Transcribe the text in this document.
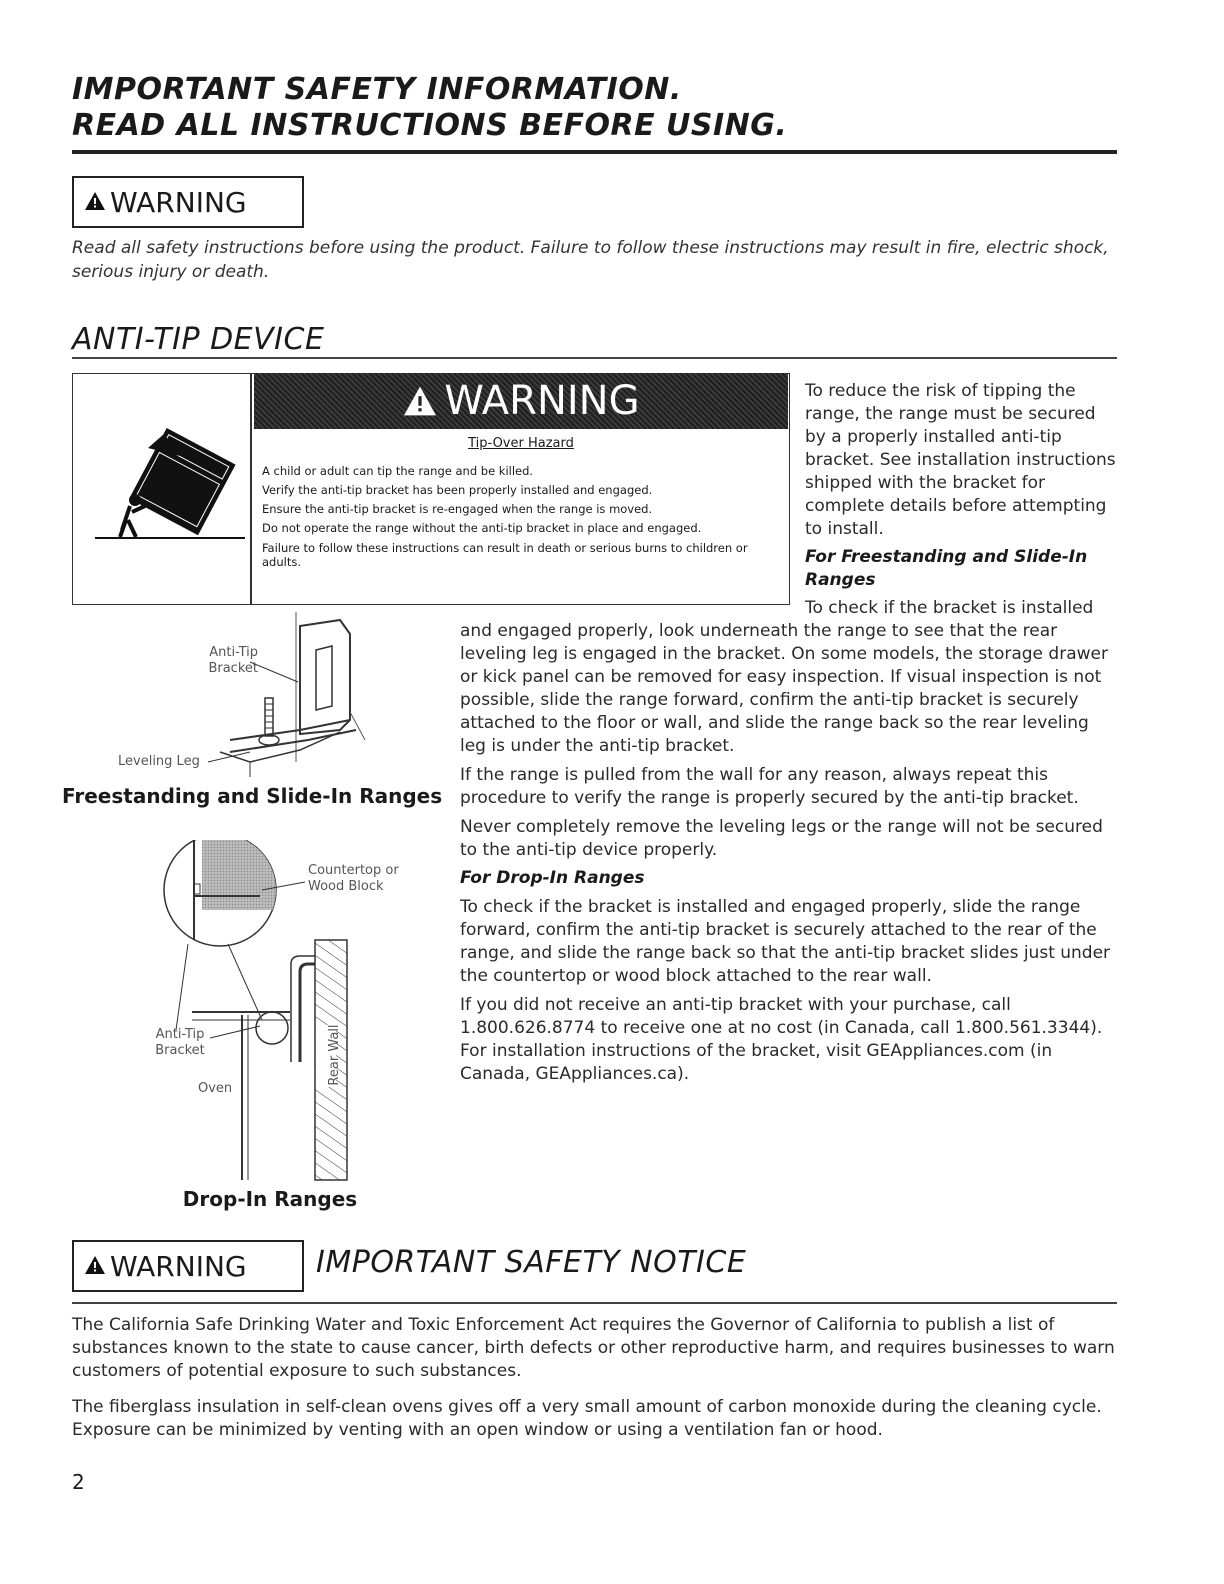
IMPORTANT SAFETY INFORMATION.
READ ALL INSTRUCTIONS BEFORE USING.
WARNING
Read all safety instructions before using the product. Failure to follow these instructions may result in fire, electric shock, serious injury or death.
ANTI-TIP DEVICE
WARNING
Tip-Over Hazard
A child or adult can tip the range and be killed.
Verify the anti-tip bracket has been properly installed and engaged.
Ensure the anti-tip bracket is re-engaged when the range is moved.
Do not operate the range without the anti-tip bracket in place and engaged.
Failure to follow these instructions can result in death or serious burns to children or adults.
To reduce the risk of tipping the range, the range must be secured by a properly installed anti-tip bracket. See installation instructions shipped with the bracket for complete details before attempting to install.
For Freestanding and Slide-In Ranges
To check if the bracket is installed
and engaged properly, look underneath the range to see that the rear leveling leg is engaged in the bracket. On some models, the storage drawer or kick panel can be removed for easy inspection. If visual inspection is not possible, slide the range forward, confirm the anti-tip bracket is securely attached to the floor or wall, and slide the range back so the rear leveling leg is under the anti-tip bracket.
If the range is pulled from the wall for any reason, always repeat this procedure to verify the range is properly secured by the anti-tip bracket.
Never completely remove the leveling legs or the range will not be secured to the anti-tip device properly.
For Drop-In Ranges
To check if the bracket is installed and engaged properly, slide the range forward, confirm the anti-tip bracket is securely attached to the rear of the range, and slide the range back so that the anti-tip bracket slides just under the countertop or wood block attached to the rear wall.
If you did not receive an anti-tip bracket with your purchase, call 1.800.626.8774 to receive one at no cost (in Canada, call 1.800.561.3344). For installation instructions of the bracket, visit GEAppliances.com (in Canada, GEAppliances.ca).
Anti-Tip Bracket
Leveling Leg
Freestanding and Slide-In Ranges
Countertop or Wood Block
Anti-Tip Bracket
Oven
Rear Wall
Drop-In Ranges
WARNING IMPORTANT SAFETY NOTICE
The California Safe Drinking Water and Toxic Enforcement Act requires the Governor of California to publish a list of substances known to the state to cause cancer, birth defects or other reproductive harm, and requires businesses to warn customers of potential exposure to such substances.
The fiberglass insulation in self-clean ovens gives off a very small amount of carbon monoxide during the cleaning cycle. Exposure can be minimized by venting with an open window or using a ventilation fan or hood.
2
